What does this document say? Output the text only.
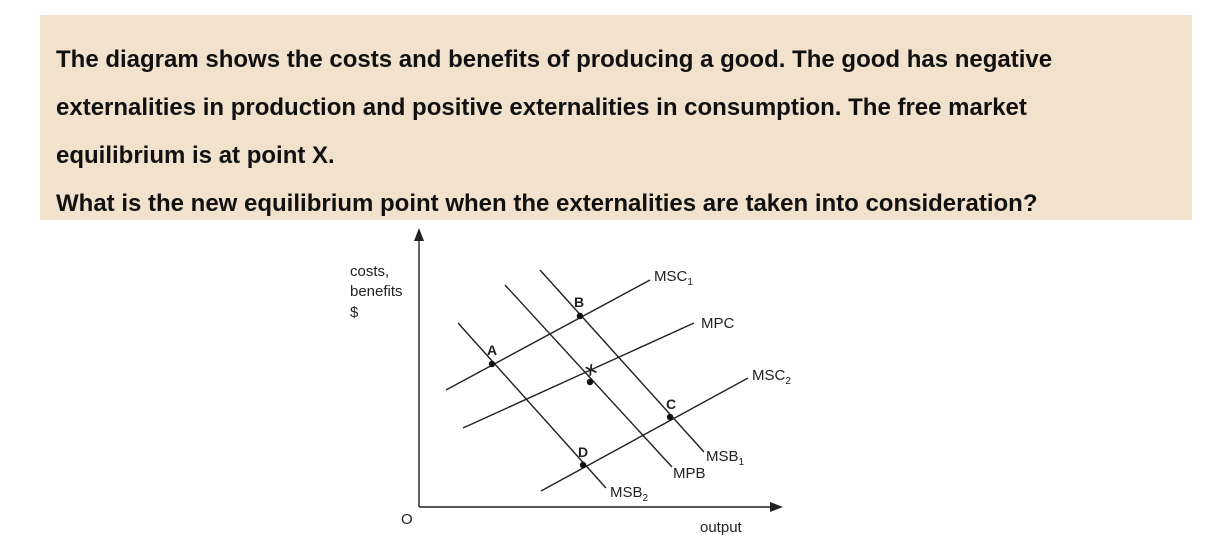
The diagram shows the costs and benefits of producing a good. The good has negative

externalities in production and positive externalities in consumption. The free market

equilibrium is at point X.

What is the new equilibrium point when the externalities are taken into consideration?

costs,
benefits
$
O	output
$MSC_1$
MPC
$MSC_2$
$MSB_1$
MPB
$MSB_2$
A
B
X
C
D
